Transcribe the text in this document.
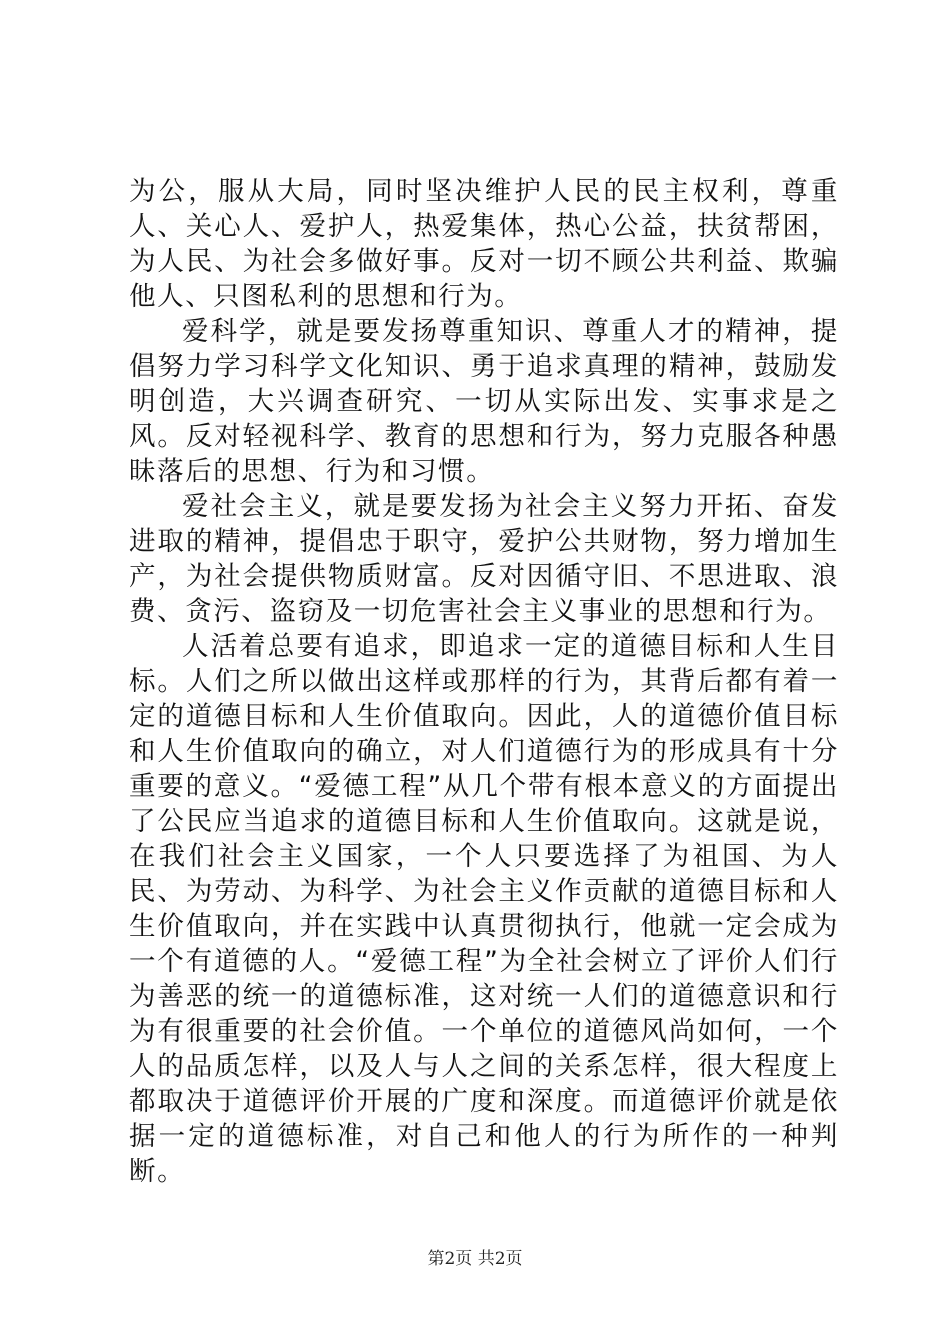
为公，服从大局，同时坚决维护人民的民主权利，尊重人、关心人、爱护人，热爱集体，热心公益，扶贫帮困，为人民、为社会多做好事。反对一切不顾公共利益、欺骗他人、只图私利的思想和行为。

爱科学，就是要发扬尊重知识、尊重人才的精神，提倡努力学习科学文化知识、勇于追求真理的精神，鼓励发明创造，大兴调查研究、一切从实际出发、实事求是之风。反对轻视科学、教育的思想和行为，努力克服各种愚昧落后的思想、行为和习惯。

爱社会主义，就是要发扬为社会主义努力开拓、奋发进取的精神，提倡忠于职守，爱护公共财物，努力增加生产，为社会提供物质财富。反对因循守旧、不思进取、浪费、贪污、盗窃及一切危害社会主义事业的思想和行为。

人活着总要有追求，即追求一定的道德目标和人生目标。人们之所以做出这样或那样的行为，其背后都有着一定的道德目标和人生价值取向。因此，人的道德价值目标和人生价值取向的确立，对人们道德行为的形成具有十分重要的意义。“爱德工程”从几个带有根本意义的方面提出了公民应当追求的道德目标和人生价值取向。这就是说，在我们社会主义国家，一个人只要选择了为祖国、为人民、为劳动、为科学、为社会主义作贡献的道德目标和人生价值取向，并在实践中认真贯彻执行，他就一定会成为一个有道德的人。“爱德工程”为全社会树立了评价人们行为善恶的统一的道德标准，这对统一人们的道德意识和行为有很重要的社会价值。一个单位的道德风尚如何，一个人的品质怎样，以及人与人之间的关系怎样，很大程度上都取决于道德评价开展的广度和深度。而道德评价就是依据一定的道德标准，对自己和他人的行为所作的一种判断。

第2页 共2页
